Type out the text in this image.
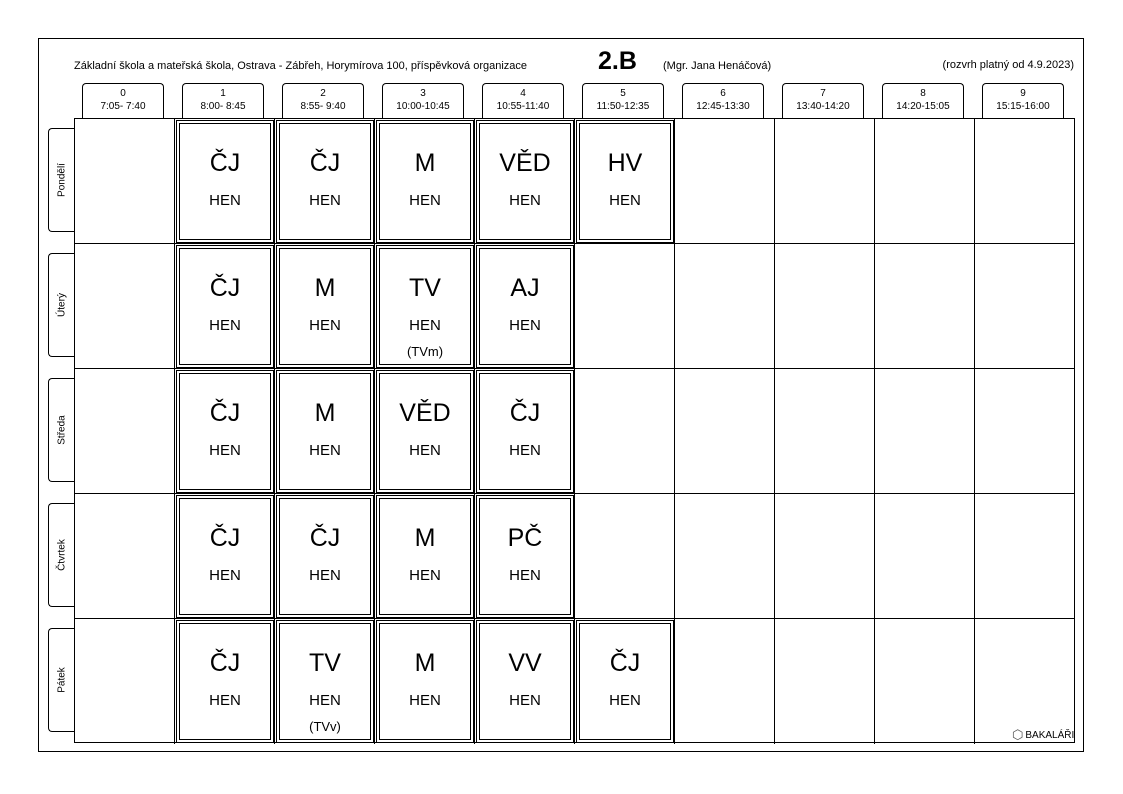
Základní škola a mateřská škola, Ostrava - Zábřeh, Horymírova 100, příspěvková organizace	2.B (Mgr. Jana Henáčová)	(rozvrh platný od 4.9.2023)
0
7:05- 7:40
1
8:00- 8:45
2
8:55- 9:40
3
10:00-10:45
4
10:55-11:40
5
11:50-12:35
6
12:45-13:30
7
13:40-14:20
8
14:20-15:05
9
15:15-16:00
Pondělí
Úterý
Středa
Čtvrtek
Pátek
ČJ
HEN
ČJ
HEN
M
HEN
VĚD
HEN
HV
HEN
ČJ
HEN
M
HEN
TV
HEN
(TVm)
AJ
HEN
ČJ
HEN
M
HEN
VĚD
HEN
ČJ
HEN
ČJ
HEN
ČJ
HEN
M
HEN
PČ
HEN
ČJ
HEN
TV
HEN
(TVv)
M
HEN
VV
HEN
ČJ
HEN
⬡ BAKALÁŘI
